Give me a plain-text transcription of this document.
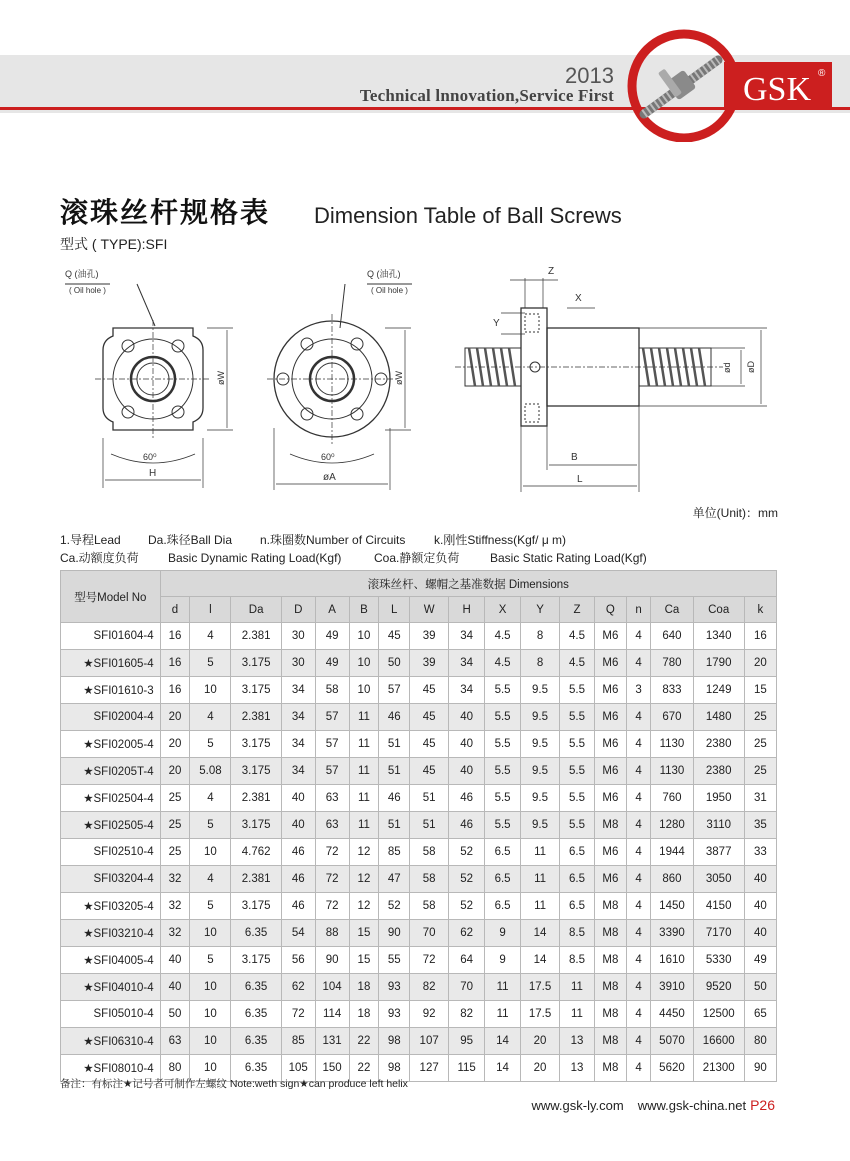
2013
Technical lnnovation,Service First	GSK ®
滚珠丝杆规格表 Dimension Table of Ball Screws
型式 ( TYPE):SFI
Q (油孔)
( Oil hole )
60⁰
øW
H
Q (油孔)
( Oil hole )
60⁰
øW
øA
Z
X
Y
ød øD
B
L
单位(Unit)：mm
1.导程Lead Da.珠径Ball Dia n.珠圈数Number of Circuits k.刚性Stiffness(Kgf/ μ m)
Ca.动额度负荷 Basic Dynamic Rating Load(Kgf)	Coa.静额定负荷	Basic Static Rating Load(Kgf)
型号Model No	滚珠丝杆、螺帽之基准数据 Dimensions																
	d	l	Da	D	A	B	L	W	H	X	Y	Z	Q	n	Ca	Coa	k
SFI01604-4	16	4	2.381	30	49	10	45	39	34	4.5	8	4.5	M6	4	640	1340	16
★SFI01605-4	16	5	3.175	30	49	10	50	39	34	4.5	8	4.5	M6	4	780	1790	20
★SFI01610-3	16	10	3.175	34	58	10	57	45	34	5.5	9.5	5.5	M6	3	833	1249	15
SFI02004-4	20	4	2.381	34	57	11	46	45	40	5.5	9.5	5.5	M6	4	670	1480	25
★SFI02005-4	20	5	3.175	34	57	11	51	45	40	5.5	9.5	5.5	M6	4	1130	2380	25
★SFI0205T-4	20	5.08	3.175	34	57	11	51	45	40	5.5	9.5	5.5	M6	4	1130	2380	25
★SFI02504-4	25	4	2.381	40	63	11	46	51	46	5.5	9.5	5.5	M6	4	760	1950	31
★SFI02505-4	25	5	3.175	40	63	11	51	51	46	5.5	9.5	5.5	M8	4	1280	3110	35
SFI02510-4	25	10	4.762	46	72	12	85	58	52	6.5	11	6.5	M6	4	1944	3877	33
SFI03204-4	32	4	2.381	46	72	12	47	58	52	6.5	11	6.5	M6	4	860	3050	40
★SFI03205-4	32	5	3.175	46	72	12	52	58	52	6.5	11	6.5	M8	4	1450	4150	40
★SFI03210-4	32	10	6.35	54	88	15	90	70	62	9	14	8.5	M8	4	3390	7170	40
★SFI04005-4	40	5	3.175	56	90	15	55	72	64	9	14	8.5	M8	4	1610	5330	49
★SFI04010-4	40	10	6.35	62	104	18	93	82	70	11	17.5	11	M8	4	3910	9520	50
SFI05010-4	50	10	6.35	72	114	18	93	92	82	11	17.5	11	M8	4	4450	12500	65
★SFI06310-4	63	10	6.35	85	131	22	98	107	95	14	20	13	M8	4	5070	16600	80
★SFI08010-4	80	10	6.35	105	150	22	98	127	115	14	20	13	M8	4	5620	21300	90
备注：有标注★记号者可制作左螺纹 Note:weth sign★can produce left helix
www.gsk-ly.com www.gsk-china.net P26
